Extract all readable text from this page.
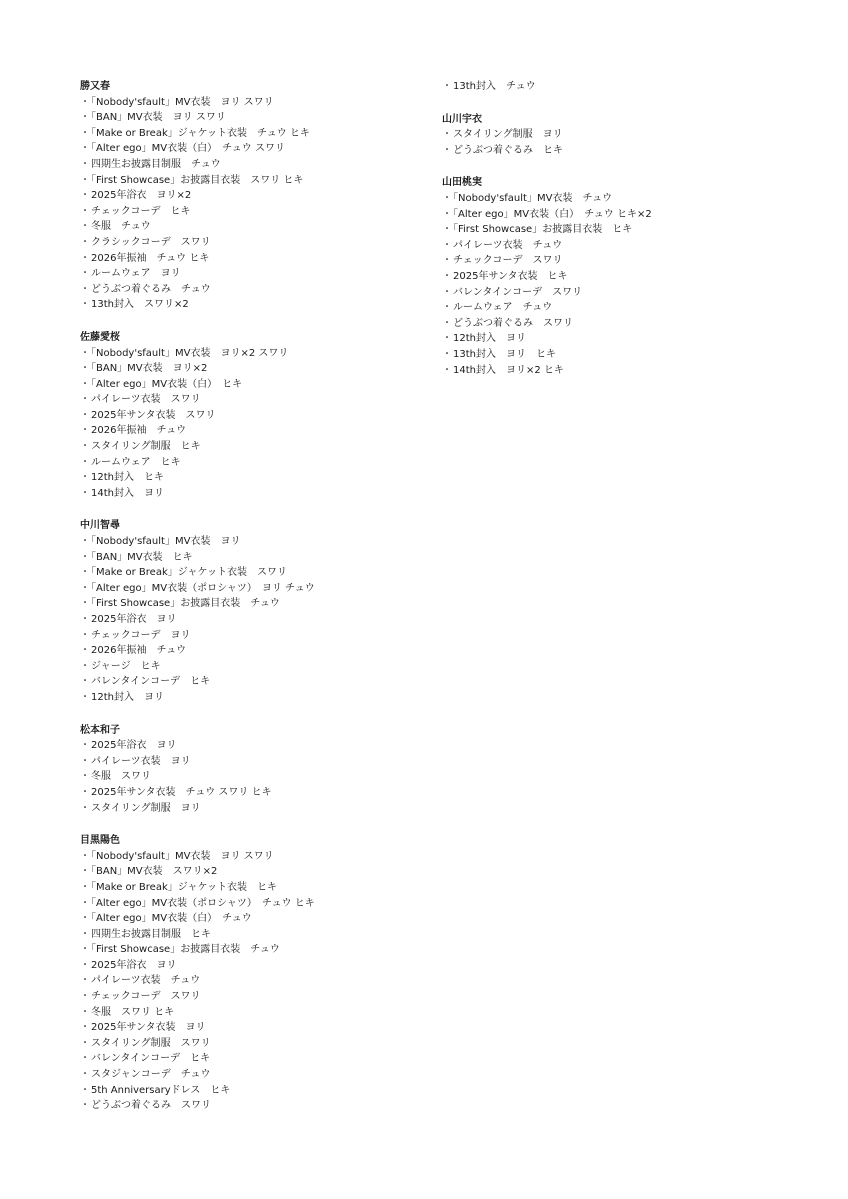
勝又春
・ 「Nobody'sfault」MV衣装　ヨリ スワリ
・ 「BAN」MV衣装　ヨリ スワリ
・ 「Make or Break」ジャケット衣装　チュウ ヒキ
・ 「Alter ego」MV衣装（白）　チュウ スワリ
・ 四期生お披露目制服　チュウ
・ 「First Showcase」お披露目衣装　スワリ ヒキ
・ 2025年浴衣　ヨリ×2
・ チェックコーデ　ヒキ
・ 冬服　チュウ
・ クラシックコーデ　スワリ
・ 2026年振袖　チュウ ヒキ
・ ルームウェア　ヨリ
・ どうぶつ着ぐるみ　チュウ
・ 13th封入　スワリ×2
佐藤愛桜
・ 「Nobody'sfault」MV衣装　ヨリ×2 スワリ
・ 「BAN」MV衣装　ヨリ×2
・ 「Alter ego」MV衣装（白）　ヒキ
・ パイレーツ衣装　スワリ
・ 2025年サンタ衣装　スワリ
・ 2026年振袖　チュウ
・ スタイリング制服　ヒキ
・ ルームウェア　ヒキ
・ 12th封入　ヒキ
・ 14th封入　ヨリ
中川智尋
・ 「Nobody'sfault」MV衣装　ヨリ
・ 「BAN」MV衣装　ヒキ
・ 「Make or Break」ジャケット衣装　スワリ
・ 「Alter ego」MV衣装（ポロシャツ）　ヨリ チュウ
・ 「First Showcase」お披露目衣装　チュウ
・ 2025年浴衣　ヨリ
・ チェックコーデ　ヨリ
・ 2026年振袖　チュウ
・ ジャージ　ヒキ
・ バレンタインコーデ　ヒキ
・ 12th封入　ヨリ
松本和子
・ 2025年浴衣　ヨリ
・ パイレーツ衣装　ヨリ
・ 冬服　スワリ
・ 2025年サンタ衣装　チュウ スワリ ヒキ
・ スタイリング制服　ヨリ
目黒陽色
・ 「Nobody'sfault」MV衣装　ヨリ スワリ
・ 「BAN」MV衣装　スワリ×2
・ 「Make or Break」ジャケット衣装　ヒキ
・ 「Alter ego」MV衣装（ポロシャツ）　チュウ ヒキ
・ 「Alter ego」MV衣装（白）　チュウ
・ 四期生お披露目制服　ヒキ
・ 「First Showcase」お披露目衣装　チュウ
・ 2025年浴衣　ヨリ
・ パイレーツ衣装　チュウ
・ チェックコーデ　スワリ
・ 冬服　スワリ ヒキ
・ 2025年サンタ衣装　ヨリ
・ スタイリング制服　スワリ
・ バレンタインコーデ　ヒキ
・ スタジャンコーデ　チュウ
・ 5th Anniversaryドレス　ヒキ
・ どうぶつ着ぐるみ　スワリ
・ 13th封入　チュウ
山川宇衣
・ スタイリング制服　ヨリ
・ どうぶつ着ぐるみ　ヒキ
山田桃実
・ 「Nobody'sfault」MV衣装　チュウ
・ 「Alter ego」MV衣装（白）　チュウ ヒキ×2
・ 「First Showcase」お披露目衣装　ヒキ
・ パイレーツ衣装　チュウ
・ チェックコーデ　スワリ
・ 2025年サンタ衣装　ヒキ
・ バレンタインコーデ　スワリ
・ ルームウェア　チュウ
・ どうぶつ着ぐるみ　スワリ
・ 12th封入　ヨリ
・ 13th封入　ヨリ　ヒキ
・ 14th封入　ヨリ×2 ヒキ
